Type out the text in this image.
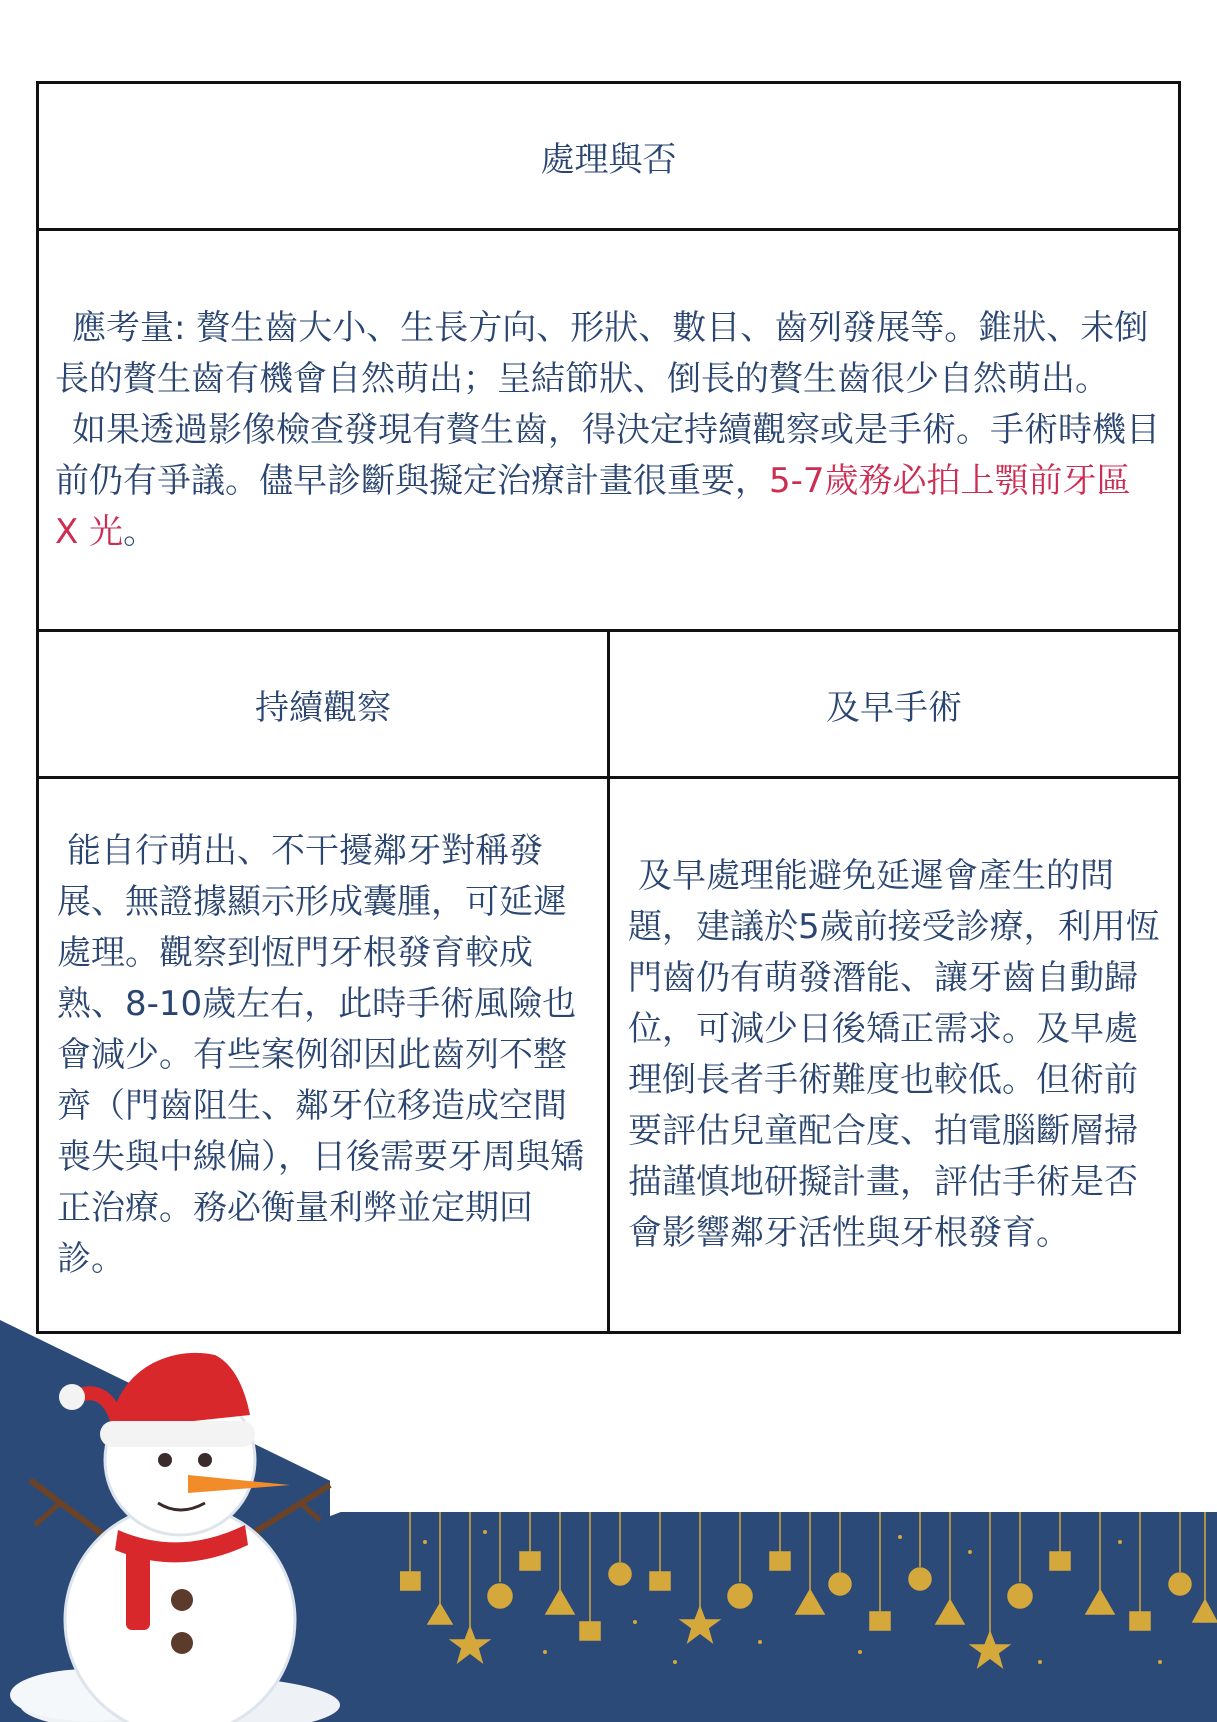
處理與否	

應考量: 贅生齒大小、生長方向、形狀、數目、齒列發展等。錐狀、未倒長的贅生齒有機會自然萌出；呈結節狀、倒長的贅生齒很少自然萌出。

如果透過影像檢查發現有贅生齒，得決定持續觀察或是手術。手術時機目前仍有爭議。儘早診斷與擬定治療計畫很重要，5-7歲務必拍上顎前牙區 X 光。	

持續觀察	及早手術

能自行萌出、不干擾鄰牙對稱發展、無證據顯示形成囊腫，可延遲處理。觀察到恆門牙根發育較成熟、8-10歲左右，此時手術風險也會減少。有些案例卻因此齒列不整齊（門齒阻生、鄰牙位移造成空間喪失與中線偏），日後需要牙周與矯正治療。務必衡量利弊並定期回診。	及早處理能避免延遲會產生的問題，建議於5歲前接受診療，利用恆門齒仍有萌發潛能、讓牙齒自動歸位，可減少日後矯正需求。及早處理倒長者手術難度也較低。但術前要評估兒童配合度、拍電腦斷層掃描謹慎地研擬計畫，評估手術是否會影響鄰牙活性與牙根發育。
